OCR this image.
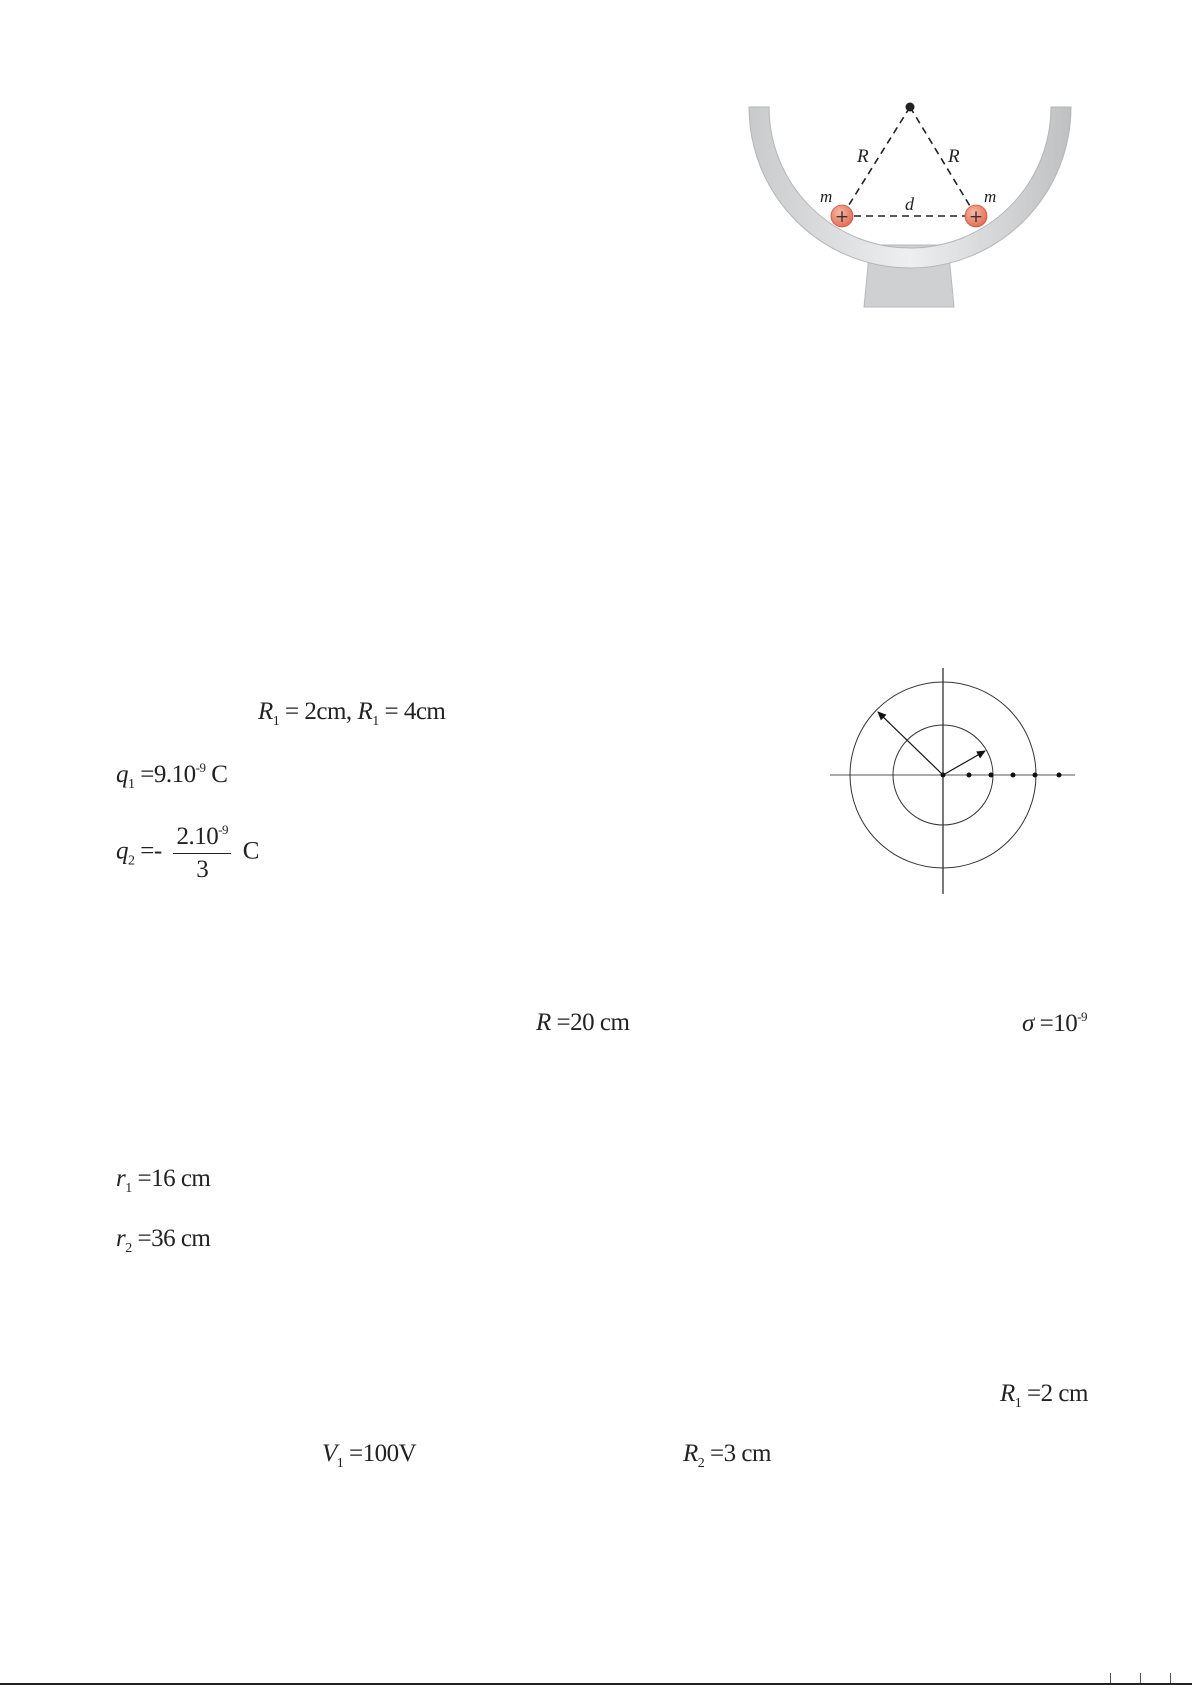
+	+
R	R
m	m
d
$R_1 = 2cm$, $R_1 = 4cm$
$q_1 =9.10^{-9}$ C
$q_2 =- \frac{2.10^{-9}}{3}$ C
R =20 cm	$\sigma =10^{-9}$
$r_1 =16$ cm
$r_2 =36$ cm
$R_1 =2$ cm
$V_1 =100V$	$R_2 =3$ cm
